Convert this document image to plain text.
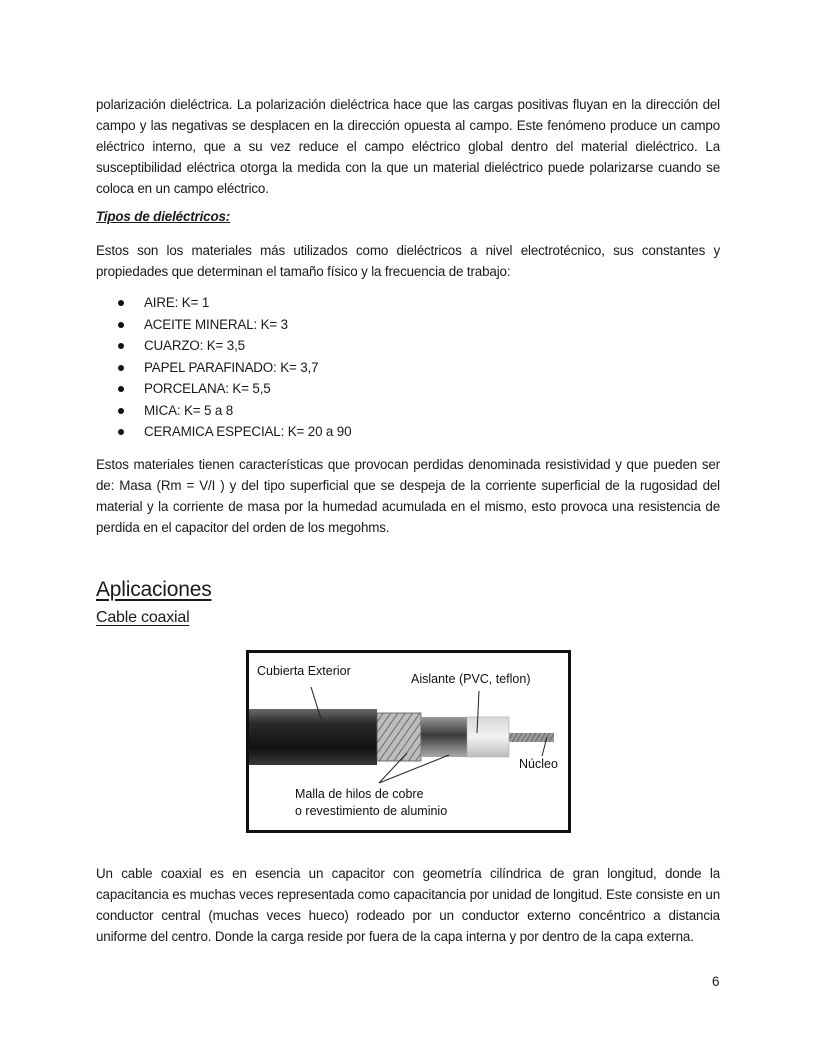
polarización dieléctrica. La polarización dieléctrica hace que las cargas positivas fluyan en la dirección del campo y las negativas se desplacen en la dirección opuesta al campo. Este fenómeno produce un campo eléctrico interno, que a su vez reduce el campo eléctrico global dentro del material dieléctrico. La susceptibilidad eléctrica otorga la medida con la que un material dieléctrico puede polarizarse cuando se coloca en un campo eléctrico.

Tipos de dieléctricos:

Estos son los materiales más utilizados como dieléctricos a nivel electrotécnico, sus constantes y propiedades que determinan el tamaño físico y la frecuencia de trabajo:

AIRE: K= 1
ACEITE MINERAL: K= 3
CUARZO: K= 3,5
PAPEL PARAFINADO: K= 3,7
PORCELANA: K= 5,5
MICA: K= 5 a 8
CERAMICA ESPECIAL: K= 20 a 90

Estos materiales tienen características que provocan perdidas denominada resistividad y que pueden ser de: Masa (Rm = V/I ) y del tipo superficial que se despeja de la corriente superficial de la rugosidad del material y la corriente de masa por la humedad acumulada en el mismo, esto provoca una resistencia de perdida en el capacitor del orden de los megohms.

Aplicaciones
Cable coaxial
Cubierta Exterior
Aislante (PVC, teflon)
Núcleo
Malla de hilos de cobre
o revestimiento de aluminio

Un cable coaxial es en esencia un capacitor con geometría cilíndrica de gran longitud, donde la capacitancia es muchas veces representada como capacitancia por unidad de longitud. Este consiste en un conductor central (muchas veces hueco) rodeado por un conductor externo concéntrico a distancia uniforme del centro. Donde la carga reside por fuera de la capa interna y por dentro de la capa externa.

6
